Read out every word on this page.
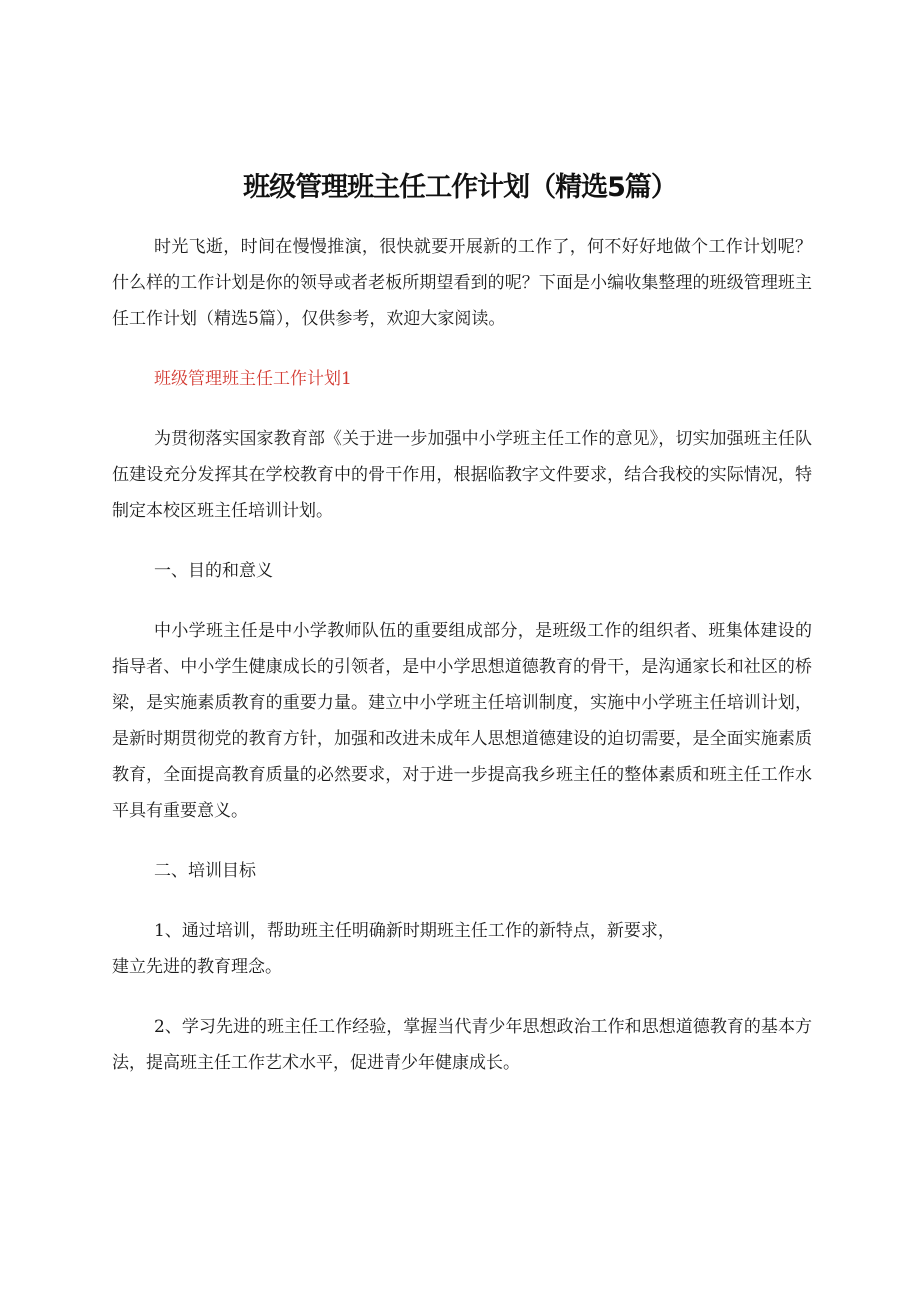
班级管理班主任工作计划（精选5篇）

时光飞逝，时间在慢慢推演，很快就要开展新的工作了，何不好好地做个工作计划呢？什么样的工作计划是你的领导或者老板所期望看到的呢？下面是小编收集整理的班级管理班主任工作计划（精选5篇），仅供参考，欢迎大家阅读。

班级管理班主任工作计划1

为贯彻落实国家教育部《关于进一步加强中小学班主任工作的意见》，切实加强班主任队伍建设充分发挥其在学校教育中的骨干作用，根据临教字文件要求，结合我校的实际情况，特制定本校区班主任培训计划。

一、目的和意义

中小学班主任是中小学教师队伍的重要组成部分，是班级工作的组织者、班集体建设的指导者、中小学生健康成长的引领者，是中小学思想道德教育的骨干，是沟通家长和社区的桥梁，是实施素质教育的重要力量。建立中小学班主任培训制度，实施中小学班主任培训计划，是新时期贯彻党的教育方针，加强和改进未成年人思想道德建设的迫切需要，是全面实施素质教育，全面提高教育质量的必然要求，对于进一步提高我乡班主任的整体素质和班主任工作水平具有重要意义。

二、培训目标

1、通过培训，帮助班主任明确新时期班主任工作的新特点，新要求，
建立先进的教育理念。

2、学习先进的班主任工作经验，掌握当代青少年思想政治工作和思想道德教育的基本方法，提高班主任工作艺术水平，促进青少年健康成长。
